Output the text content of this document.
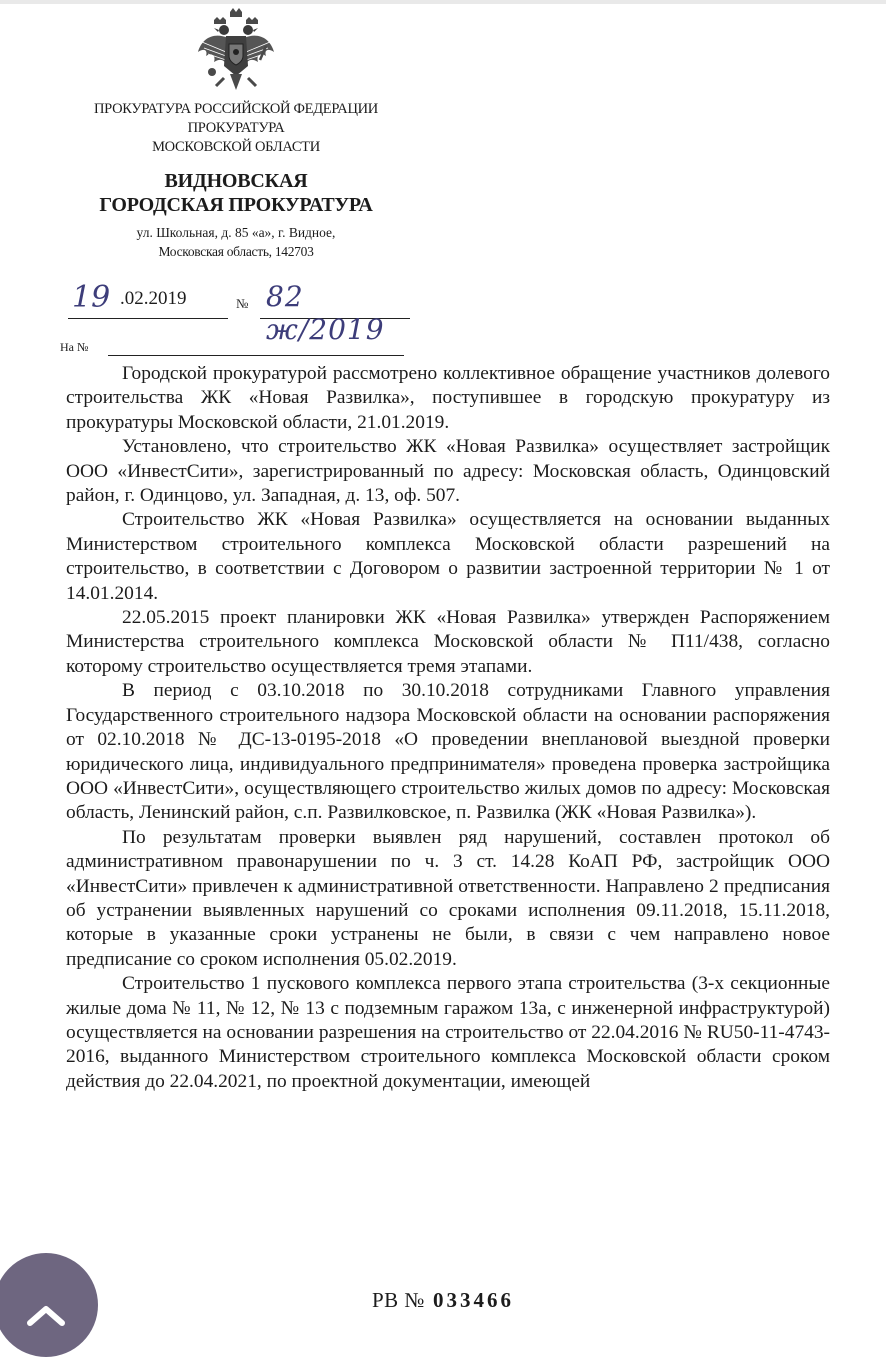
ПРОКУРАТУРА РОССИЙСКОЙ ФЕДЕРАЦИИ
ПРОКУРАТУРА
МОСКОВСКОЙ ОБЛАСТИ
ВИДНОВСКАЯ
ГОРОДСКАЯ ПРОКУРАТУРА
ул. Школьная, д. 85 «а», г. Видное,
Московская область, 142703
19 .02.2019	№ 82 ж/2019
На №

Городской прокуратурой рассмотрено коллективное обращение участников долевого строительства ЖК «Новая Развилка», поступившее в городскую прокуратуру из прокуратуры Московской области, 21.01.2019.

Установлено, что строительство ЖК «Новая Развилка» осуществляет застройщик ООО «ИнвестСити», зарегистрированный по адресу: Московская область, Одинцовский район, г. Одинцово, ул. Западная, д. 13, оф. 507.

Строительство ЖК «Новая Развилка» осуществляется на основании выданных Министерством строительного комплекса Московской области разрешений на строительство, в соответствии с Договором о развитии застроенной территории № 1 от 14.01.2014.

22.05.2015 проект планировки ЖК «Новая Развилка» утвержден Распоряжением Министерства строительного комплекса Московской области № П11/438, согласно которому строительство осуществляется тремя этапами.

В период с 03.10.2018 по 30.10.2018 сотрудниками Главного управления Государственного строительного надзора Московской области на основании распоряжения от 02.10.2018 № ДС-13-0195-2018 «О проведении внеплановой выездной проверки юридического лица, индивидуального предпринимателя» проведена проверка застройщика ООО «ИнвестСити», осуществляющего строительство жилых домов по адресу: Московская область, Ленинский район, с.п. Развилковское, п. Развилка (ЖК «Новая Развилка»).

По результатам проверки выявлен ряд нарушений, составлен протокол об административном правонарушении по ч. 3 ст. 14.28 КоАП РФ, застройщик ООО «ИнвестСити» привлечен к административной ответственности. Направлено 2 предписания об устранении выявленных нарушений со сроками исполнения 09.11.2018, 15.11.2018, которые в указанные сроки устранены не были, в связи с чем направлено новое предписание со сроком исполнения 05.02.2019.

Строительство 1 пускового комплекса первого этапа строительства (3-х секционные жилые дома № 11, № 12, № 13 с подземным гаражом 13а, с инженерной инфраструктурой) осуществляется на основании разрешения на строительство от 22.04.2016 № RU50-11-4743-2016, выданного Министерством строительного комплекса Московской области сроком действия до 22.04.2021, по проектной документации, имеющей

РВ № 033466
